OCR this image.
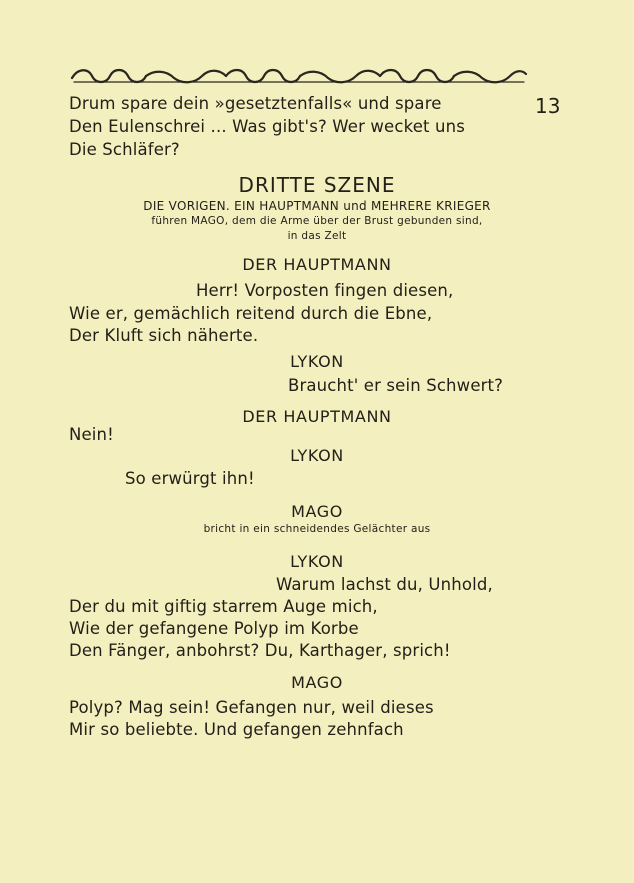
13
Drum spare dein »gesetztenfalls« und spare
Den Eulenschrei ... Was gibt's? Wer wecket uns
Die Schläfer?
DRITTE SZENE
DIE VORIGEN. EIN HAUPTMANN und MEHRERE KRIEGER
führen MAGO, dem die Arme über der Brust gebunden sind,
in das Zelt
DER HAUPTMANN
Herr! Vorposten fingen diesen,
Wie er, gemächlich reitend durch die Ebne,
Der Kluft sich näherte.
LYKON
Braucht' er sein Schwert?
DER HAUPTMANN
Nein!
LYKON
So erwürgt ihn!
MAGO
bricht in ein schneidendes Gelächter aus
LYKON
Warum lachst du, Unhold,
Der du mit giftig starrem Auge mich,
Wie der gefangene Polyp im Korbe
Den Fänger, anbohrst? Du, Karthager, sprich!
MAGO
Polyp? Mag sein! Gefangen nur, weil dieses
Mir so beliebte. Und gefangen zehnfach
